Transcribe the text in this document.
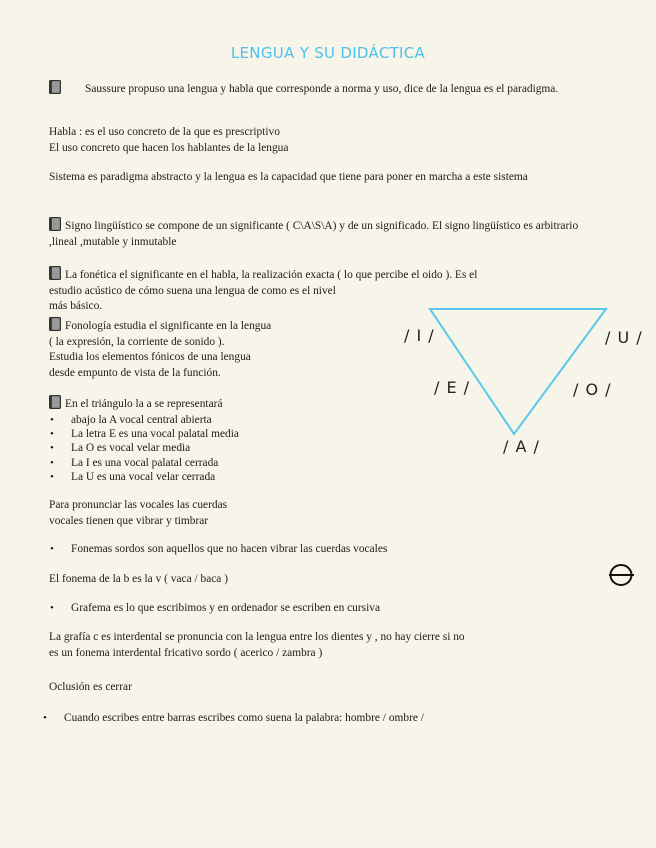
LENGUA Y SU DIDÁCTICA

Saussure propuso una lengua y habla que corresponde a norma y uso, dice de la lengua es el paradigma.

Habla : es el uso concreto de la que es prescriptivo

El uso concreto que hacen los hablantes de la lengua

Sistema es paradigma abstracto y la lengua es la capacidad que tiene para poner en marcha a este sistema

Signo lingüístico se compone de un significante ( C\A\S\A) y de un significado. El signo lingüístico es arbitrario ,lineal ,mutable y inmutable

La fonética el significante en el habla, la realización exacta ( lo que percibe el oido ). Es el

estudio acústico de cómo suena una lengua de como es el nivel

más básico.

Fonología estudia el significante en la lengua

( la expresión, la corriente de sonido ).

Estudia los elementos fónicos de una lengua

desde empunto de vista de la función.

En el triángulo la a se representará

• abajo la A vocal central abierta
• La letra E es una vocal palatal media
• La O es vocal velar media
• La I es una vocal palatal cerrada
• La U es una vocal velar cerrada

Para pronunciar las vocales las cuerdas

vocales tienen que vibrar y timbrar

• Fonemas sordos son aquellos que no hacen vibrar las cuerdas vocales

El fonema de la b es la v ( vaca / baca )

• Grafema es lo que escribimos y en ordenador se escriben en cursiva

La grafía c es interdental se pronuncia con la lengua entre los dientes y , no hay cierre si no

es un fonema interdental fricativo sordo ( acerico / zambra )

Oclusión es cerrar

• Cuando escribes entre barras escribes como suena la palabra: hombre / ombre /
/ I /	/ U /
/ E /	/ O /
/ A /
